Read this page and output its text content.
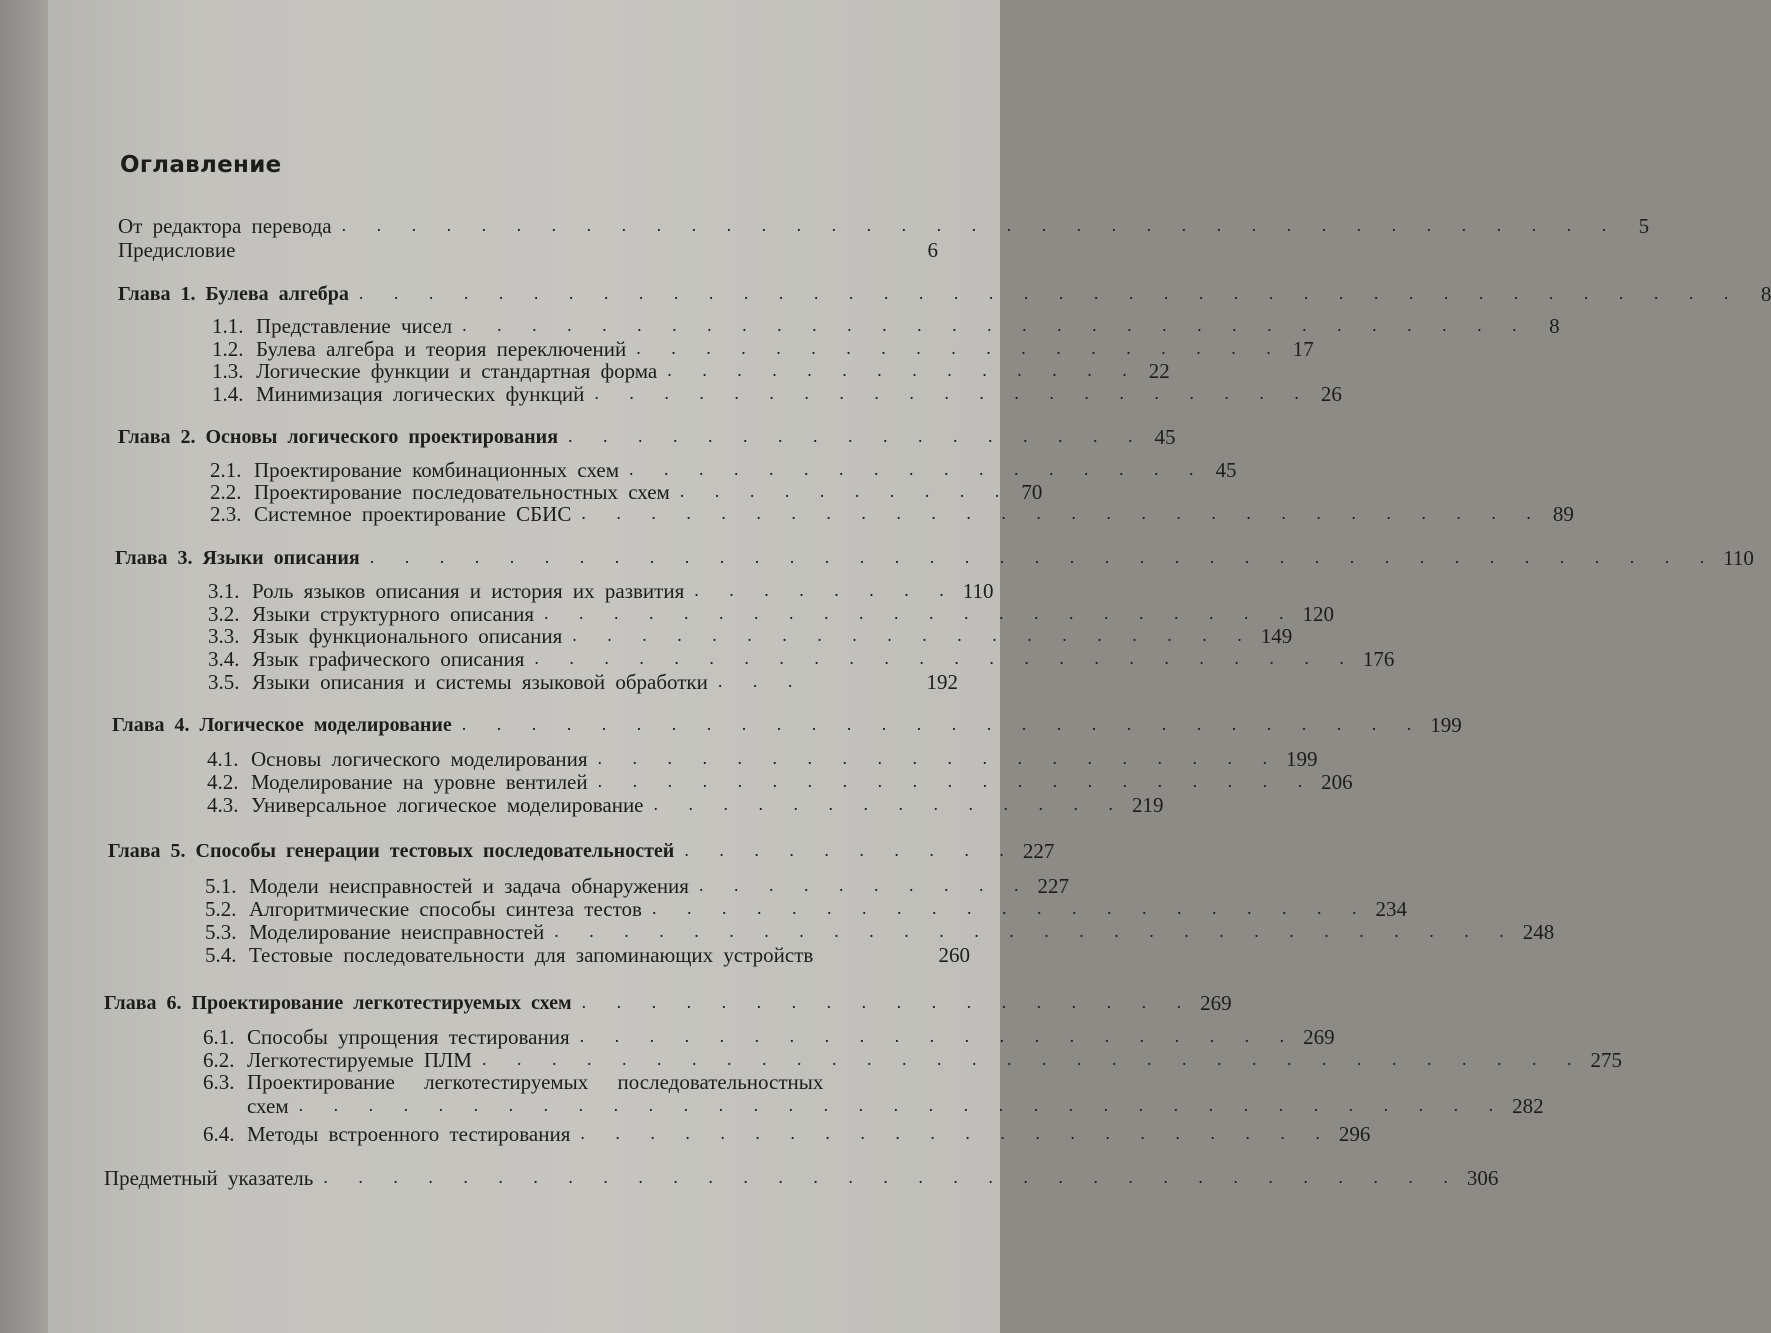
Оглавление
От редактора перевода . . . . . . . . . . . . . . . . . . . . . . . . . . . . . . . . . . . . . 5
Предисловие	6
Глава 1. Булева алгебра . . . . . . . . . . . . . . . . . . . . . . . . . . . . . . . . . . . . . . . . 8
1.1. Представление чисел . . . . . . . . . . . . . . . . . . . . . . . . . . . . . . . 8
1.2. Булева алгебра и теория переключений . . . . . . . . . . . . . . . . . . . 17
1.3. Логические функции и стандартная форма . . . . . . . . . . . . . . 22
1.4. Минимизация логических функций . . . . . . . . . . . . . . . . . . . . . 26
Глава 2. Основы логического проектирования . . . . . . . . . . . . . . . . . 45
2.1. Проектирование комбинационных схем . . . . . . . . . . . . . . . . . 45
2.2. Проектирование последовательностных схем . . . . . . . . . . 70
2.3. Системное проектирование СБИС . . . . . . . . . . . . . . . . . . . . . . . . . . . . 89
Глава 3. Языки описания . . . . . . . . . . . . . . . . . . . . . . . . . . . . . . . . . . . . . . . 110
3.1. Роль языков описания и история их развития . . . . . . . . 110
3.2. Языки структурного описания . . . . . . . . . . . . . . . . . . . . . . 120
3.3. Язык функционального описания . . . . . . . . . . . . . . . . . . . . 149
3.4. Язык графического описания . . . . . . . . . . . . . . . . . . . . . . . . 176
3.5. Языки описания и системы языковой обработки . . .	192
Глава 4. Логическое моделирование . . . . . . . . . . . . . . . . . . . . . . . . . . . . 199
4.1. Основы логического моделирования . . . . . . . . . . . . . . . . . . . . 199
4.2. Моделирование на уровне вентилей . . . . . . . . . . . . . . . . . . . . . 206
4.3. Универсальное логическое моделирование . . . . . . . . . . . . . . 219
Глава 5. Способы генерации тестовых последовательностей . . . . . . . . . . 227
5.1. Модели неисправностей и задача обнаружения . . . . . . . . . . 227
5.2. Алгоритмические способы синтеза тестов . . . . . . . . . . . . . . . . . . . . . 234
5.3. Моделирование неисправностей . . . . . . . . . . . . . . . . . . . . . . . . . . . . 248
5.4. Тестовые последовательности для запоминающих устройств	260
Глава 6. Проектирование легкотестируемых схем . . . . . . . . . . . . . . . . . . 269
6.1. Способы упрощения тестирования . . . . . . . . . . . . . . . . . . . . . 269
6.2. Легкотестируемые ПЛМ . . . . . . . . . . . . . . . . . . . . . . . . . . . . . . . . 275
6.3. Проектирование легкотестируемых последовательностных
схем . . . . . . . . . . . . . . . . . . . . . . . . . . . . . . . . . . . 282
6.4. Методы встроенного тестирования . . . . . . . . . . . . . . . . . . . . . . 296
Предметный указатель . . . . . . . . . . . . . . . . . . . . . . . . . . . . . . . . . 306
